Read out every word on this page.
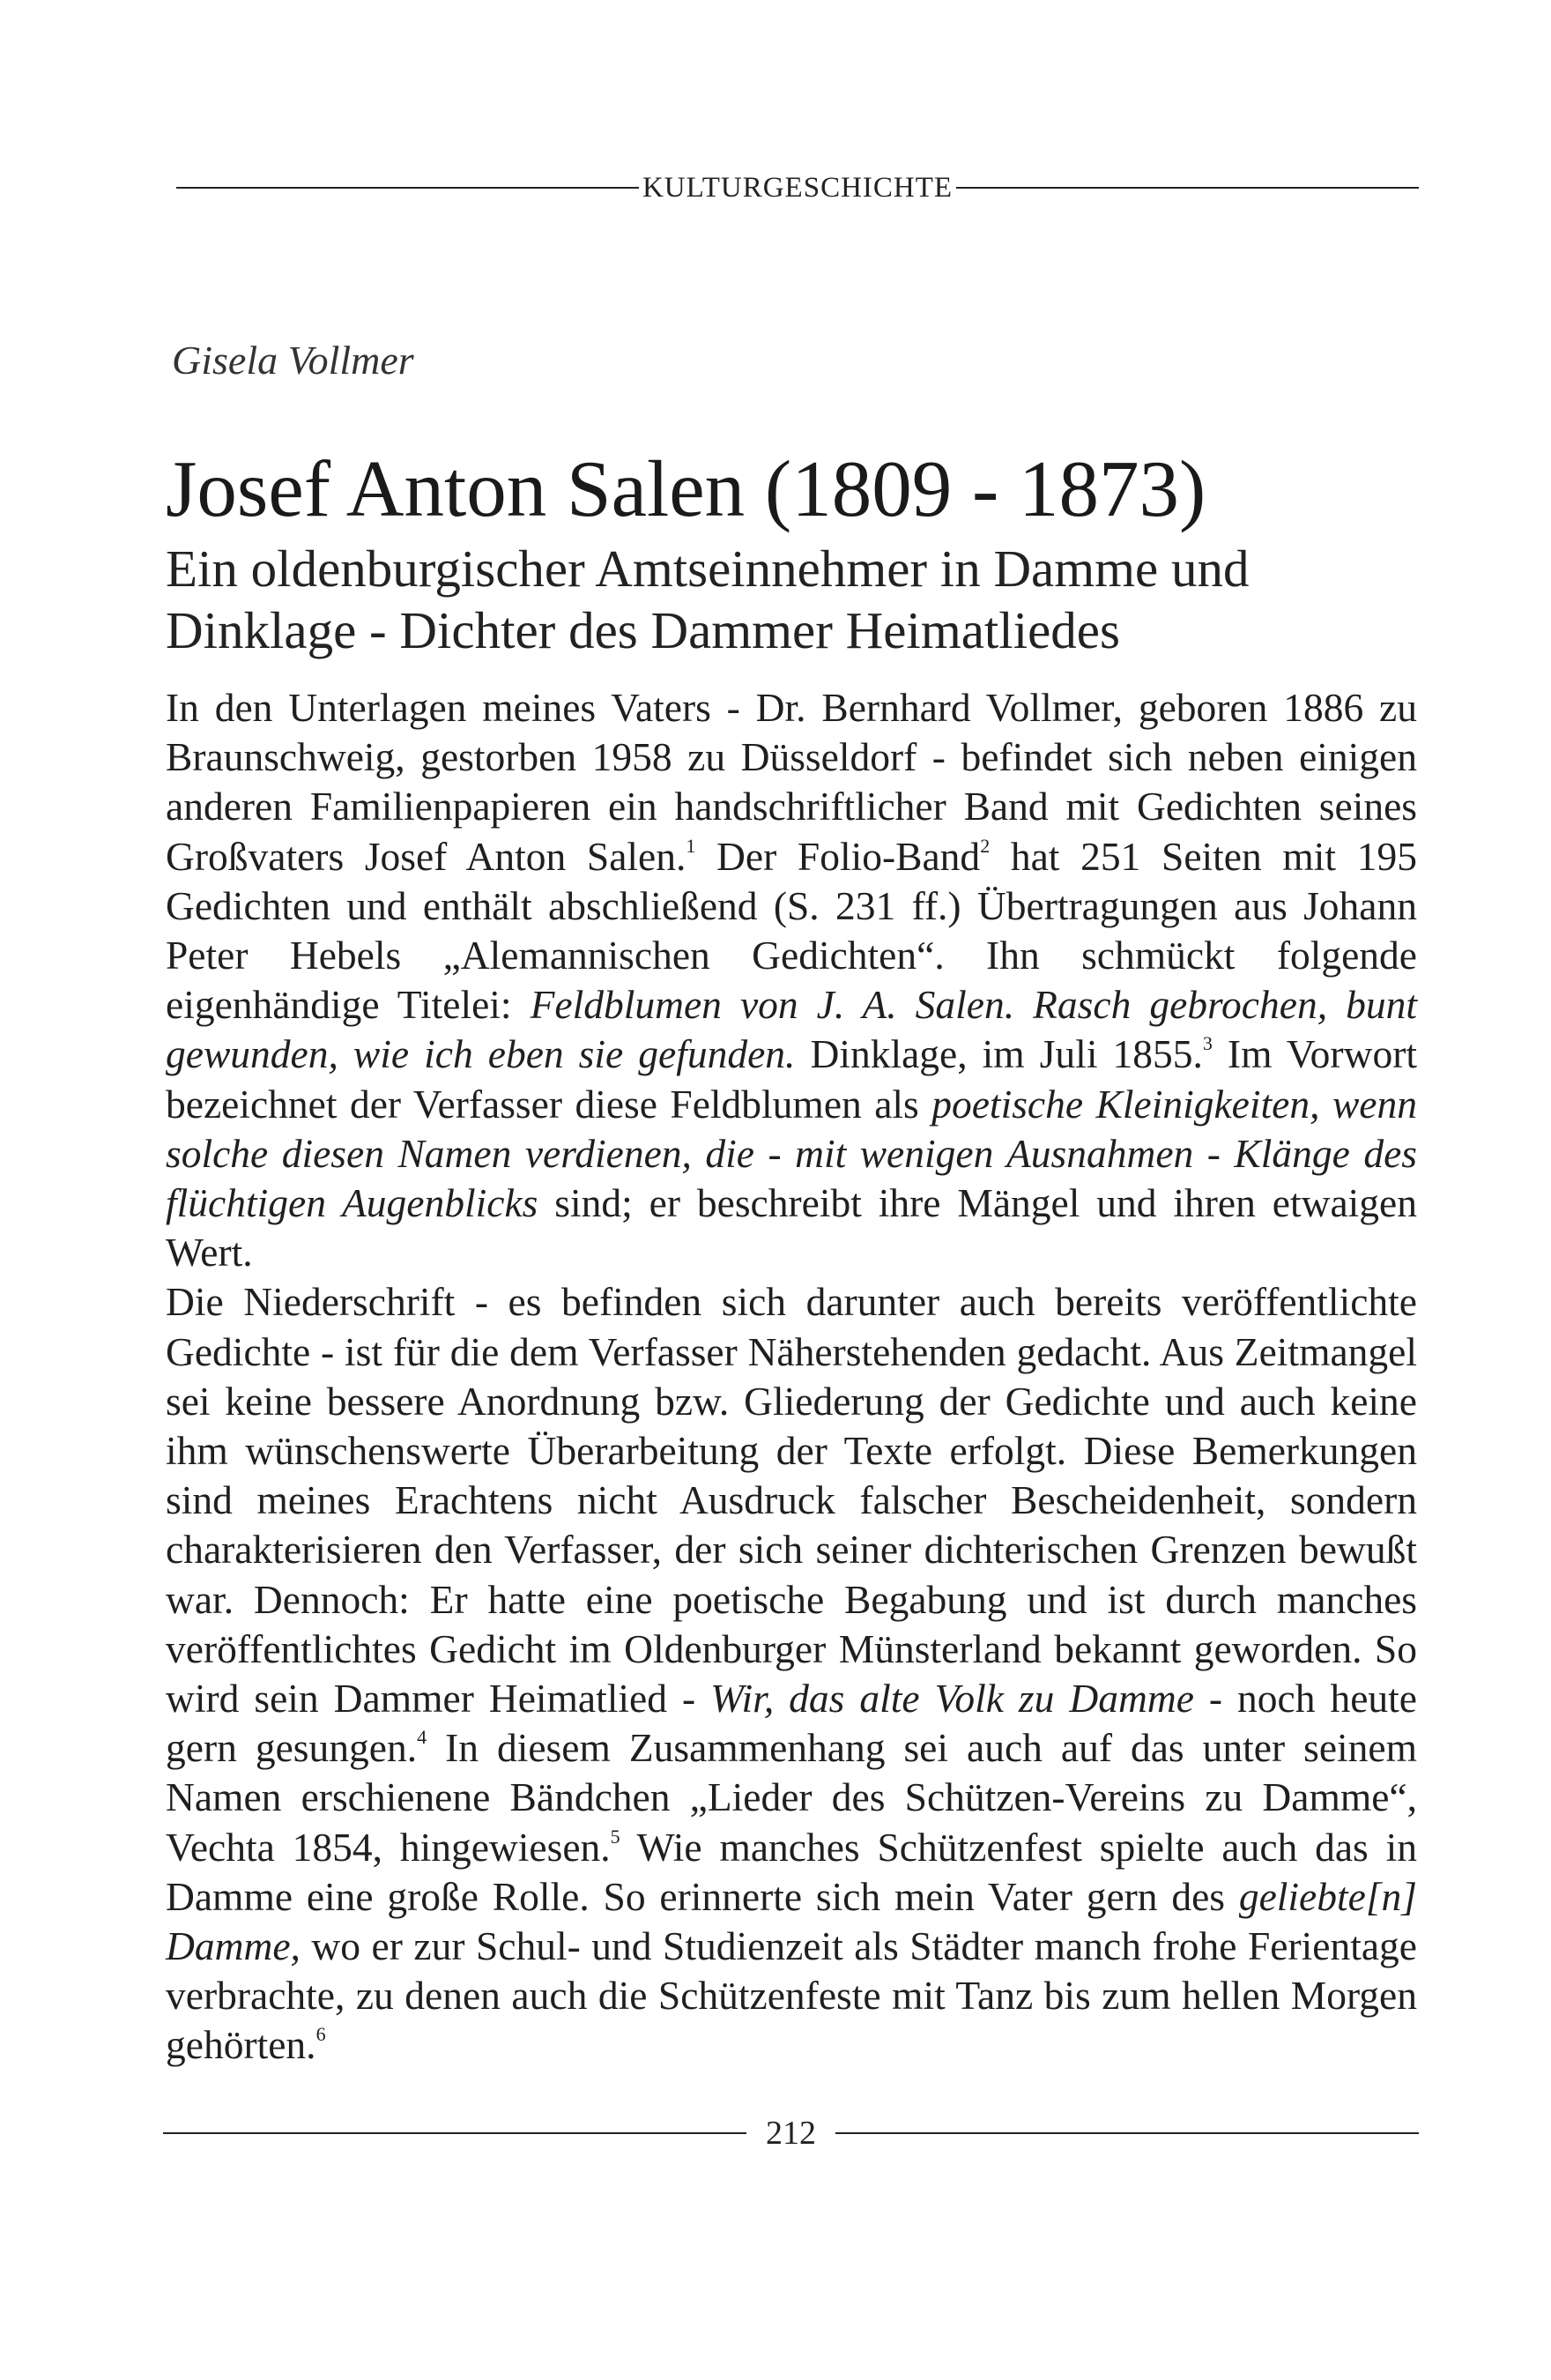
KULTURGESCHICHTE
Gisela Vollmer
Josef Anton Salen (1809 - 1873)
Ein oldenburgischer Amtseinnehmer in Damme und
Dinklage - Dichter des Dammer Heimatliedes

In den Unterlagen meines Vaters - Dr. Bernhard Vollmer, geboren 1886 zu Braunschweig, gestorben 1958 zu Düsseldorf - befindet sich neben einigen anderen Familienpapieren ein handschriftlicher Band mit Gedichten seines Großvaters Josef Anton Salen.$^1$ Der Folio-Band$^2$ hat 251 Seiten mit 195 Gedichten und enthält abschließend (S. 231 ff.) Übertragungen aus Johann Peter Hebels „Alemannischen Gedichten“. Ihn schmückt folgende eigenhändige Titelei: Feldblumen von J. A. Salen. Rasch gebrochen, bunt gewunden, wie ich eben sie gefunden. Dinklage, im Juli 1855.$^3$ Im Vorwort bezeichnet der Verfasser diese Feldblumen als poetische Kleinigkeiten, wenn solche diesen Namen verdienen, die - mit wenigen Ausnahmen - Klänge des flüchtigen Augenblicks sind; er beschreibt ihre Mängel und ihren etwaigen Wert.

Die Niederschrift - es befinden sich darunter auch bereits veröffentlichte Gedichte - ist für die dem Verfasser Näherstehenden gedacht. Aus Zeitmangel sei keine bessere Anordnung bzw. Gliederung der Gedichte und auch keine ihm wünschenswerte Überarbeitung der Texte erfolgt. Diese Bemerkungen sind meines Erachtens nicht Ausdruck falscher Bescheidenheit, sondern charakterisieren den Verfasser, der sich seiner dichterischen Grenzen bewußt war. Dennoch: Er hatte eine poetische Begabung und ist durch manches veröffentlichtes Gedicht im Oldenburger Münsterland bekannt geworden. So wird sein Dammer Heimatlied - Wir, das alte Volk zu Damme - noch heute gern gesungen.$^4$ In diesem Zusammenhang sei auch auf das unter seinem Namen erschienene Bändchen „Lieder des Schützen-Vereins zu Damme“, Vechta 1854, hingewiesen.$^5$ Wie manches Schützenfest spielte auch das in Damme eine große Rolle. So erinnerte sich mein Vater gern des geliebte[n] Damme, wo er zur Schul- und Studienzeit als Städter manch frohe Ferientage verbrachte, zu denen auch die Schützenfeste mit Tanz bis zum hellen Morgen gehörten.$^6$

212
